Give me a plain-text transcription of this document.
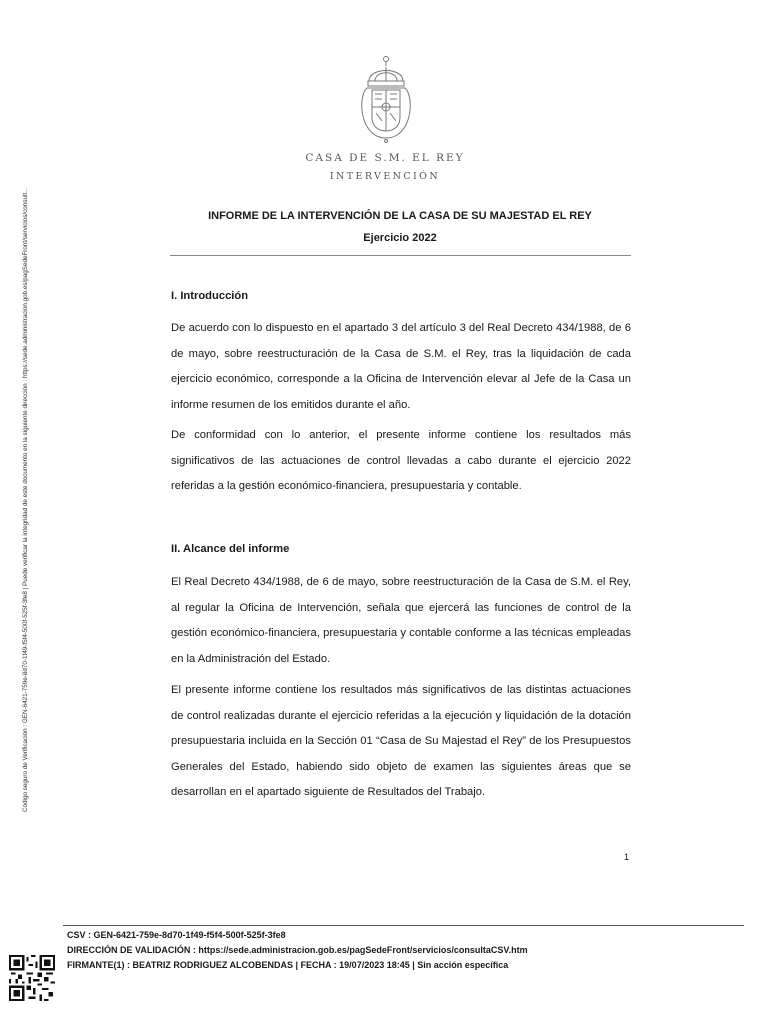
Código seguro de Verificación : GEN-6421-759e-8d70-1f49-f5f4-500f-525f-3fe8 | Puede verificar la integridad de este documento en la siguiente dirección : https://sede.administracion.gob.es/pagSedeFront/servicios/consult...
CASA DE S.M. EL REY
INTERVENCIÓN
INFORME DE LA INTERVENCIÓN DE LA CASA DE SU MAJESTAD EL REY
Ejercicio 2022
I. Introducción
De acuerdo con lo dispuesto en el apartado 3 del artículo 3 del Real Decreto 434/1988, de 6 de mayo, sobre reestructuración de la Casa de S.M. el Rey, tras la liquidación de cada ejercicio económico, corresponde a la Oficina de Intervención elevar al Jefe de la Casa un informe resumen de los emitidos durante el año.
De conformidad con lo anterior, el presente informe contiene los resultados más significativos de las actuaciones de control llevadas a cabo durante el ejercicio 2022 referidas a la gestión económico-financiera, presupuestaria y contable.
II. Alcance del informe
El Real Decreto 434/1988, de 6 de mayo, sobre reestructuración de la Casa de S.M. el Rey, al regular la Oficina de Intervención, señala que ejercerá las funciones de control de la gestión económico-financiera, presupuestaria y contable conforme a las técnicas empleadas en la Administración del Estado.
El presente informe contiene los resultados más significativos de las distintas actuaciones de control realizadas durante el ejercicio referidas a la ejecución y liquidación de la dotación presupuestaria incluida en la Sección 01 “Casa de Su Majestad el Rey” de los Presupuestos Generales del Estado, habiendo sido objeto de examen las siguientes áreas que se desarrollan en el apartado siguiente de Resultados del Trabajo.
1
CSV : GEN-6421-759e-8d70-1f49-f5f4-500f-525f-3fe8
DIRECCIÓN DE VALIDACIÓN : https://sede.administracion.gob.es/pagSedeFront/servicios/consultaCSV.htm
FIRMANTE(1) : BEATRIZ RODRIGUEZ ALCOBENDAS | FECHA : 19/07/2023 18:45 | Sin acción específica
